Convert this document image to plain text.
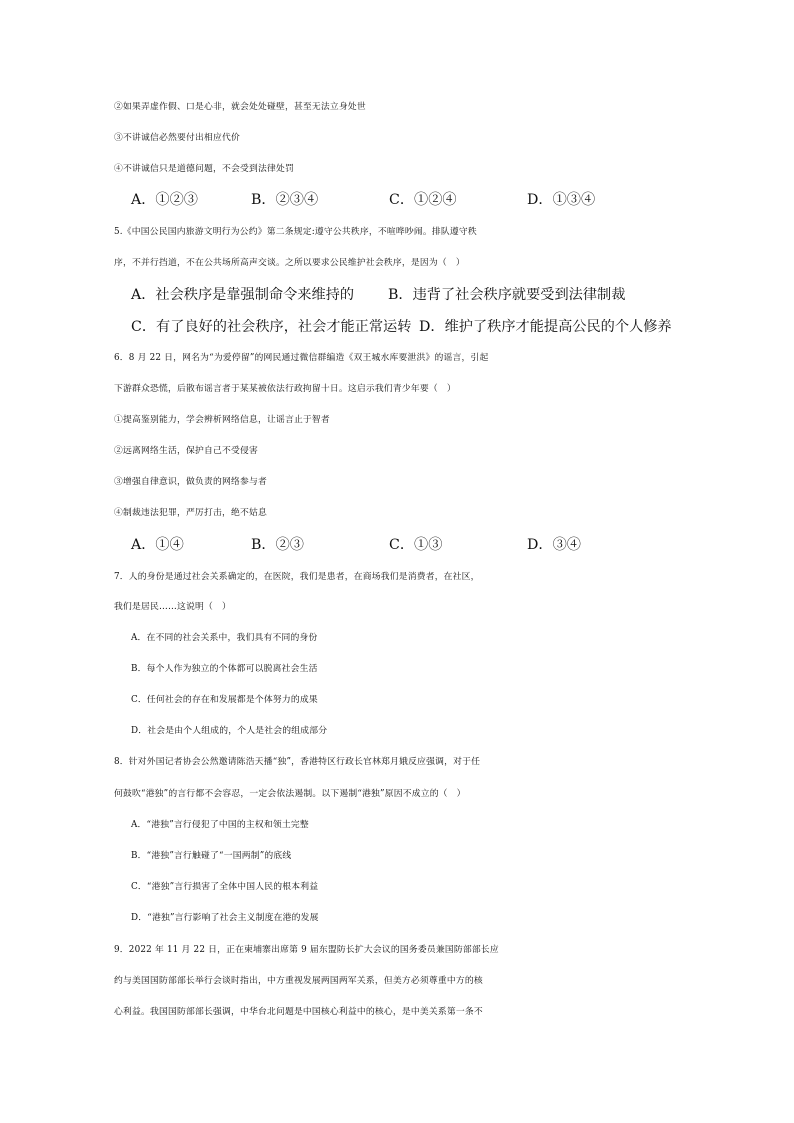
②如果弄虚作假、口是心非，就会处处碰壁，甚至无法立身处世
③不讲诚信必然要付出相应代价
④不讲诚信只是道德问题，不会受到法律处罚
A．①②③	B．②③④	C．①②④	D．①③④
5.《中国公民国内旅游文明行为公约》第二条规定:遵守公共秩序，不喧哗吵闹。排队遵守秩
序，不并行挡道，不在公共场所高声交谈。之所以要求公民维护社会秩序，是因为（　）
A．社会秩序是靠强制命令来维持的 B．违背了社会秩序就要受到法律制裁
C．有了良好的社会秩序，社会才能正常运转 D．维护了秩序才能提高公民的个人修养
6．8 月 22 日，网名为“为爱停留”的网民通过微信群编造《双王城水库要泄洪》的谣言，引起
下游群众恐慌，后散布谣言者于某某被依法行政拘留十日。这启示我们青少年要（　）
①提高鉴别能力，学会辨析网络信息，让谣言止于智者
②远离网络生活，保护自己不受侵害
③增强自律意识，做负责的网络参与者
④制裁违法犯罪，严厉打击，绝不姑息
A．①④	B．②③	C．①③	D．③④
7．人的身份是通过社会关系确定的，在医院，我们是患者，在商场我们是消费者，在社区，
我们是居民……这说明（　）
A．在不同的社会关系中，我们具有不同的身份
B．每个人作为独立的个体都可以脱离社会生活
C．任何社会的存在和发展都是个体努力的成果
D．社会是由个人组成的，个人是社会的组成部分
8．针对外国记者协会公然邀请陈浩天播“独”，香港特区行政长官林郑月娥反应强调，对于任
何鼓吹“港独”的言行都不会容忍，一定会依法遏制。以下遏制“港独”原因不成立的（　）
A．“港独”言行侵犯了中国的主权和领土完整
B．“港独”言行触碰了“一国两制”的底线
C．“港独”言行损害了全体中国人民的根本利益
D．“港独”言行影响了社会主义制度在港的发展
9．2022 年 11 月 22 日，正在柬埔寨出席第 9 届东盟防长扩大会议的国务委员兼国防部部长应
约与美国国防部部长举行会谈时指出，中方重视发展两国两军关系，但美方必须尊重中方的核
心利益。我国国防部部长强调，中华台北问题是中国核心利益中的核心，是中美关系第一条不
